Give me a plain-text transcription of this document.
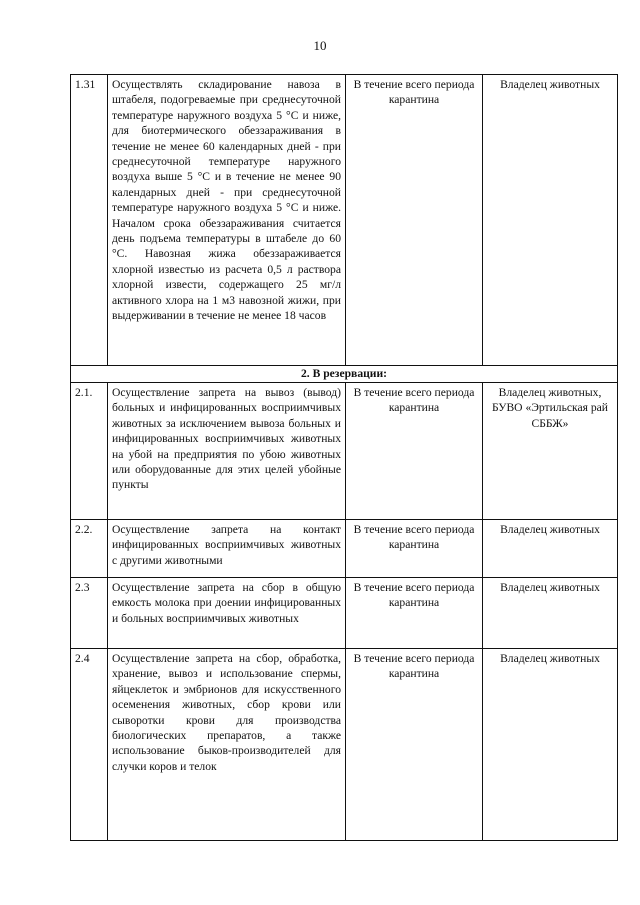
10
1.31	Осуществлять складирование навоза в штабеля, подогреваемые при среднесуточной температуре наружного воздуха 5 °С и ниже, для биотермического обеззараживания в течение не менее 60 календарных дней - при среднесуточной температуре наружного воздуха выше 5 °С и в течение не менее 90 календарных дней - при среднесуточной температуре наружного воздуха 5 °С и ниже. Началом срока обеззараживания считается день подъема температуры в штабеле до 60 °С. Навозная жижа обеззараживается хлорной известью из расчета 0,5 л раствора хлорной извести, содержащего 25 мг/л активного хлора на 1 м3 навозной жижи, при выдерживании в течение не менее 18 часов	В течение всего периода карантина	Владелец животных
2. В резервации:			
2.1.	Осуществление запрета на вывоз (вывод) больных и инфицированных восприимчивых животных за исключением вывоза больных и инфицированных восприимчивых животных на убой на предприятия по убою животных или оборудованные для этих целей убойные пункты	В течение всего периода карантина	Владелец животных, БУВО «Эртильская рай СББЖ»
2.2.	Осуществление запрета на контакт инфицированных восприимчивых животных с другими животными	В течение всего периода карантина	Владелец животных
2.3	Осуществление запрета на сбор в общую емкость молока при доении инфицированных и больных восприимчивых животных	В течение всего периода карантина	Владелец животных
2.4	Осуществление запрета на сбор, обработка, хранение, вывоз и использование спермы, яйцеклеток и эмбрионов для искусственного осеменения животных, сбор крови или сыворотки крови для производства биологических препаратов, а также использование быков-производителей для случки коров и телок	В течение всего периода карантина	Владелец животных
